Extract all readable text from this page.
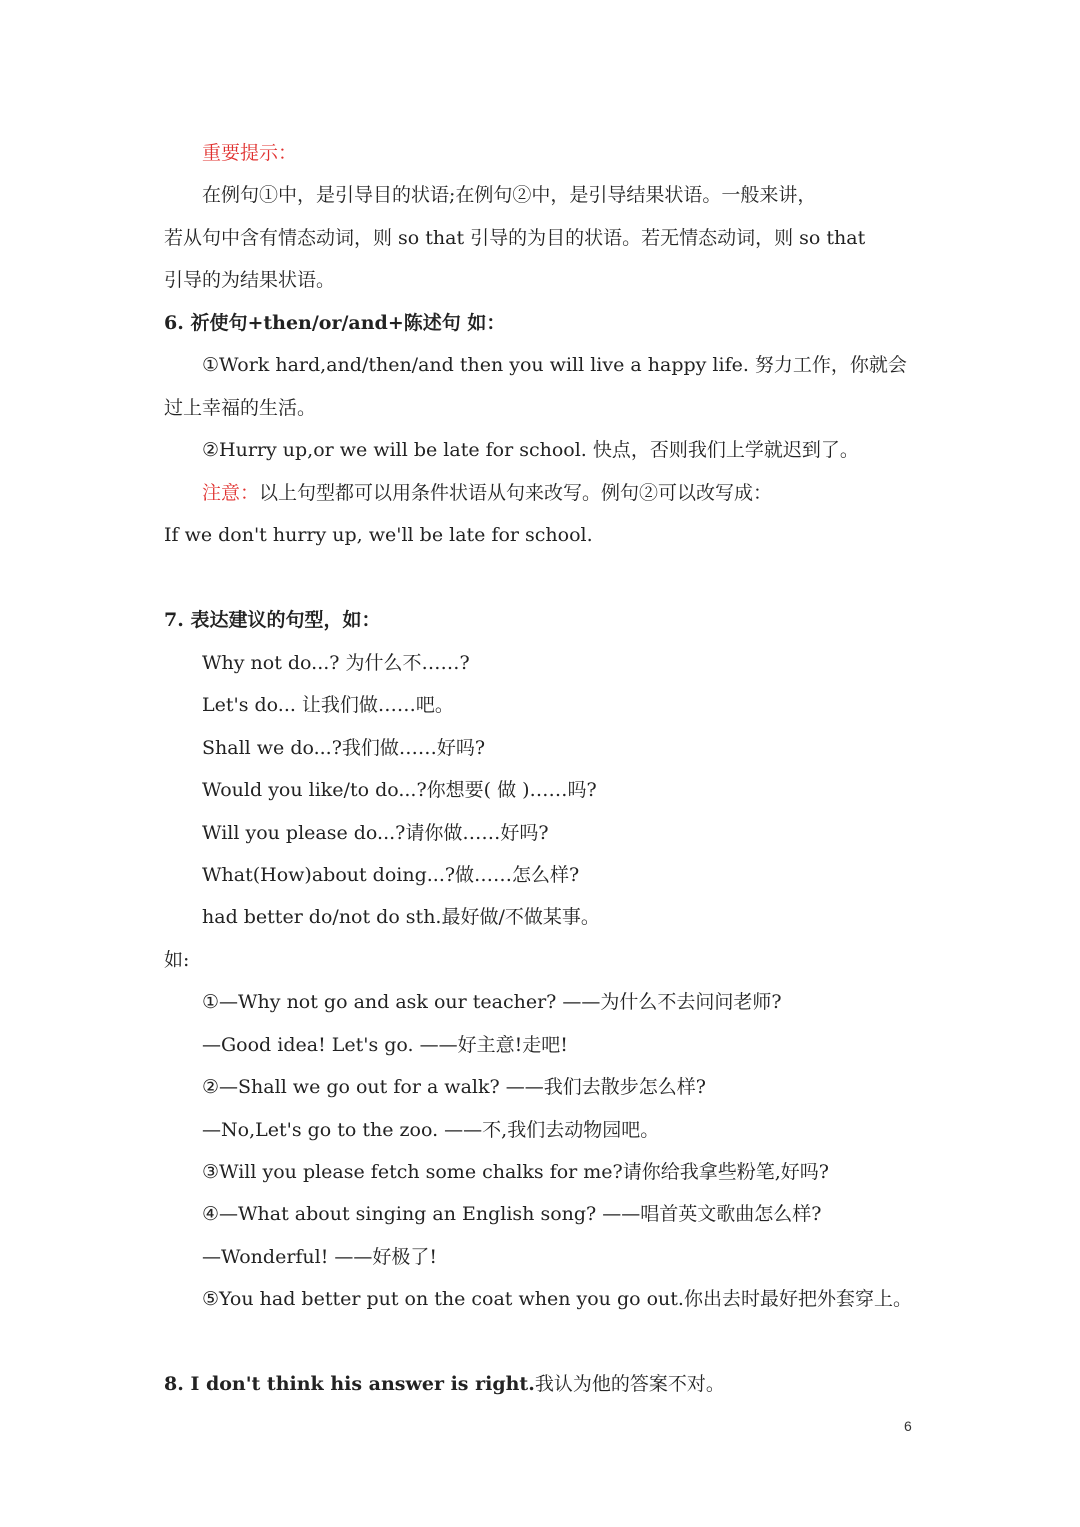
重要提示：
在例句①中，是引导目的状语;在例句②中，是引导结果状语。一般来讲，
若从句中含有情态动词，则 so that 引导的为目的状语。若无情态动词，则 so that
引导的为结果状语。
6. 祈使句+then/or/and+陈述句 如：
①Work hard,and/then/and then you will live a happy life. 努力工作，你就会
过上幸福的生活。
②Hurry up,or we will be late for school. 快点，否则我们上学就迟到了。
注意：以上句型都可以用条件状语从句来改写。例句②可以改写成：
If we don't hurry up, we'll be late for school.
7. 表达建议的句型，如：
Why not do...? 为什么不……?
Let's do... 让我们做……吧。
Shall we do...?我们做……好吗?
Would you like/to do...?你想要( 做 )……吗?
Will you please do...?请你做……好吗?
What(How)about doing...?做……怎么样?
had better do/not do sth.最好做/不做某事。
如:
①—Why not go and ask our teacher? ——为什么不去问问老师?
—Good idea! Let's go. ——好主意!走吧!
②—Shall we go out for a walk? ——我们去散步怎么样?
—No,Let's go to the zoo. ——不,我们去动物园吧。
③Will you please fetch some chalks for me?请你给我拿些粉笔,好吗?
④—What about singing an English song? ——唱首英文歌曲怎么样?
—Wonderful! ——好极了!
⑤You had better put on the coat when you go out.你出去时最好把外套穿上。
8. I don't think his answer is right.我认为他的答案不对。
6
